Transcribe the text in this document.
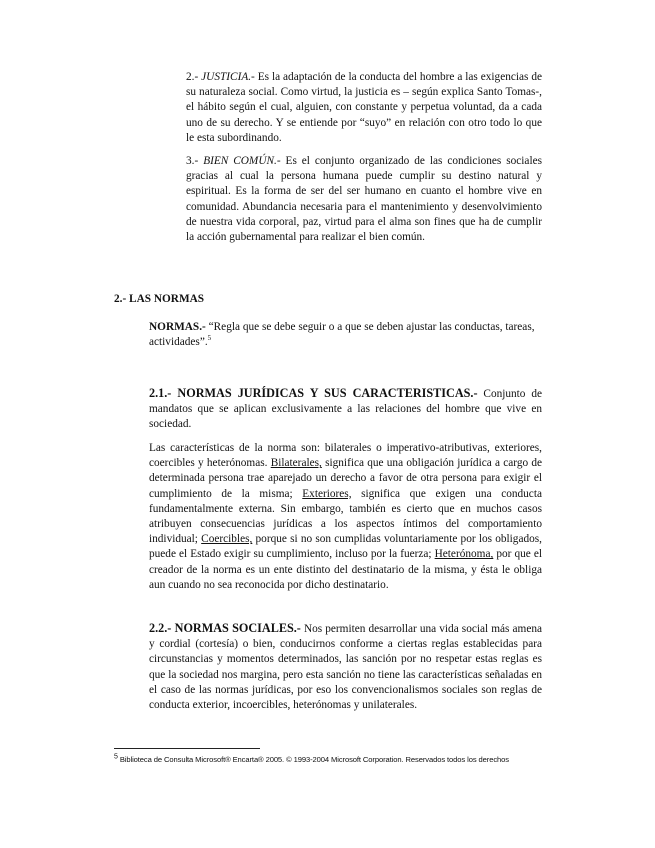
2.- JUSTICIA.- Es la adaptación de la conducta del hombre a las exigencias de su naturaleza social. Como virtud, la justicia es – según explica Santo Tomas-, el hábito según el cual, alguien, con constante y perpetua voluntad, da a cada uno de su derecho. Y se entiende por “suyo” en relación con otro todo lo que le esta subordinando.

3.- BIEN COMÚN.- Es el conjunto organizado de las condiciones sociales gracias al cual la persona humana puede cumplir su destino natural y espiritual. Es la forma de ser del ser humano en cuanto el hombre vive en comunidad. Abundancia necesaria para el mantenimiento y desenvolvimiento de nuestra vida corporal, paz, virtud para el alma son fines que ha de cumplir la acción gubernamental para realizar el bien común.

2.- LAS NORMAS

NORMAS.- “Regla que se debe seguir o a que se deben ajustar las conductas, tareas, actividades”.$^5$

2.1.- NORMAS JURÍDICAS Y SUS CARACTERISTICAS.- Conjunto de mandatos que se aplican exclusivamente a las relaciones del hombre que vive en sociedad.

Las características de la norma son: bilaterales o imperativo-atributivas, exteriores, coercibles y heterónomas. Bilaterales, significa que una obligación jurídica a cargo de determinada persona trae aparejado un derecho a favor de otra persona para exigir el cumplimiento de la misma; Exteriores, significa que exigen una conducta fundamentalmente externa. Sin embargo, también es cierto que en muchos casos atribuyen consecuencias jurídicas a los aspectos íntimos del comportamiento individual; Coercibles, porque si no son cumplidas voluntariamente por los obligados, puede el Estado exigir su cumplimiento, incluso por la fuerza; Heterónoma, por que el creador de la norma es un ente distinto del destinatario de la misma, y ésta le obliga aun cuando no sea reconocida por dicho destinatario.

2.2.- NORMAS SOCIALES.- Nos permiten desarrollar una vida social más amena y cordial (cortesía) o bien, conducirnos conforme a ciertas reglas establecidas para circunstancias y momentos determinados, las sanción por no respetar estas reglas es que la sociedad nos margina, pero esta sanción no tiene las características señaladas en el caso de las normas jurídicas, por eso los convencionalismos sociales son reglas de conducta exterior, incoercibles, heterónomas y unilaterales.

$^5$ Biblioteca de Consulta Microsoft® Encarta® 2005. © 1993-2004 Microsoft Corporation. Reservados todos los derechos
